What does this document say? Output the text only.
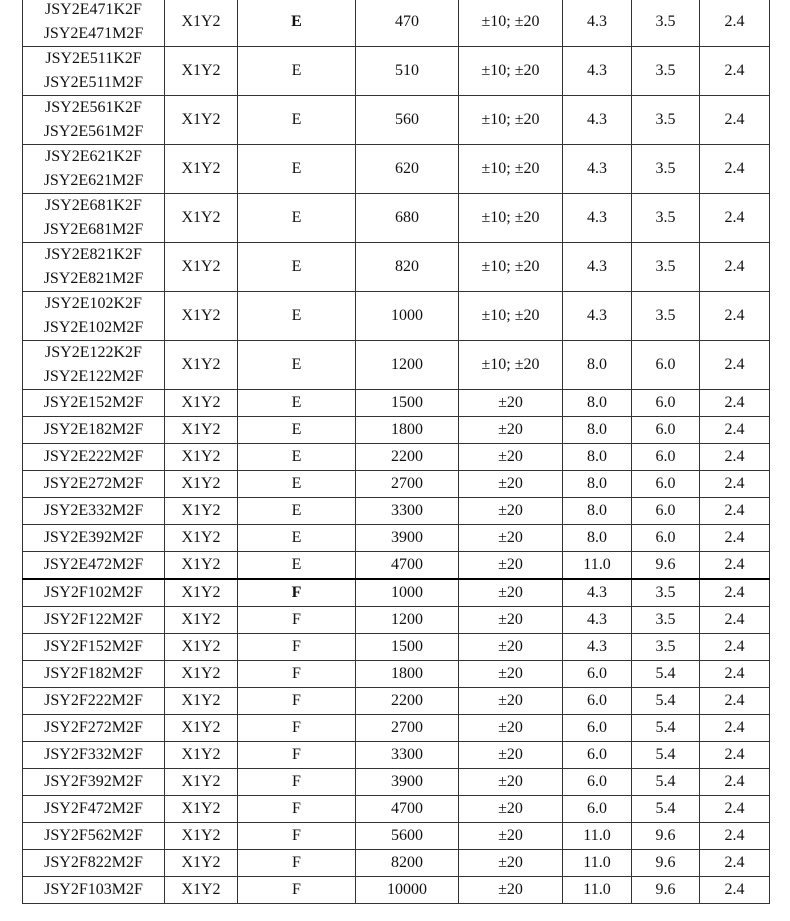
JSY2E471K2F
JSY2E471M2F	X1Y2	E	470	±10; ±20	4.3	3.5	2.4

JSY2E511K2F
JSY2E511M2F	X1Y2	E	510	±10; ±20	4.3	3.5	2.4

JSY2E561K2F
JSY2E561M2F	X1Y2	E	560	±10; ±20	4.3	3.5	2.4

JSY2E621K2F
JSY2E621M2F	X1Y2	E	620	±10; ±20	4.3	3.5	2.4

JSY2E681K2F
JSY2E681M2F	X1Y2	E	680	±10; ±20	4.3	3.5	2.4

JSY2E821K2F
JSY2E821M2F	X1Y2	E	820	±10; ±20	4.3	3.5	2.4

JSY2E102K2F
JSY2E102M2F	X1Y2	E	1000	±10; ±20	4.3	3.5	2.4

JSY2E122K2F
JSY2E122M2F	X1Y2	E	1200	±10; ±20	8.0	6.0	2.4

JSY2E152M2F	X1Y2	E	1500	±20	8.0	6.0	2.4

JSY2E182M2F	X1Y2	E	1800	±20	8.0	6.0	2.4

JSY2E222M2F	X1Y2	E	2200	±20	8.0	6.0	2.4

JSY2E272M2F	X1Y2	E	2700	±20	8.0	6.0	2.4

JSY2E332M2F	X1Y2	E	3300	±20	8.0	6.0	2.4

JSY2E392M2F	X1Y2	E	3900	±20	8.0	6.0	2.4

JSY2E472M2F	X1Y2	E	4700	±20	11.0	9.6	2.4

JSY2F102M2F	X1Y2	F	1000	±20	4.3	3.5	2.4

JSY2F122M2F	X1Y2	F	1200	±20	4.3	3.5	2.4

JSY2F152M2F	X1Y2	F	1500	±20	4.3	3.5	2.4

JSY2F182M2F	X1Y2	F	1800	±20	6.0	5.4	2.4

JSY2F222M2F	X1Y2	F	2200	±20	6.0	5.4	2.4

JSY2F272M2F	X1Y2	F	2700	±20	6.0	5.4	2.4

JSY2F332M2F	X1Y2	F	3300	±20	6.0	5.4	2.4

JSY2F392M2F	X1Y2	F	3900	±20	6.0	5.4	2.4

JSY2F472M2F	X1Y2	F	4700	±20	6.0	5.4	2.4

JSY2F562M2F	X1Y2	F	5600	±20	11.0	9.6	2.4

JSY2F822M2F	X1Y2	F	8200	±20	11.0	9.6	2.4

JSY2F103M2F	X1Y2	F	10000	±20	11.0	9.6	2.4
